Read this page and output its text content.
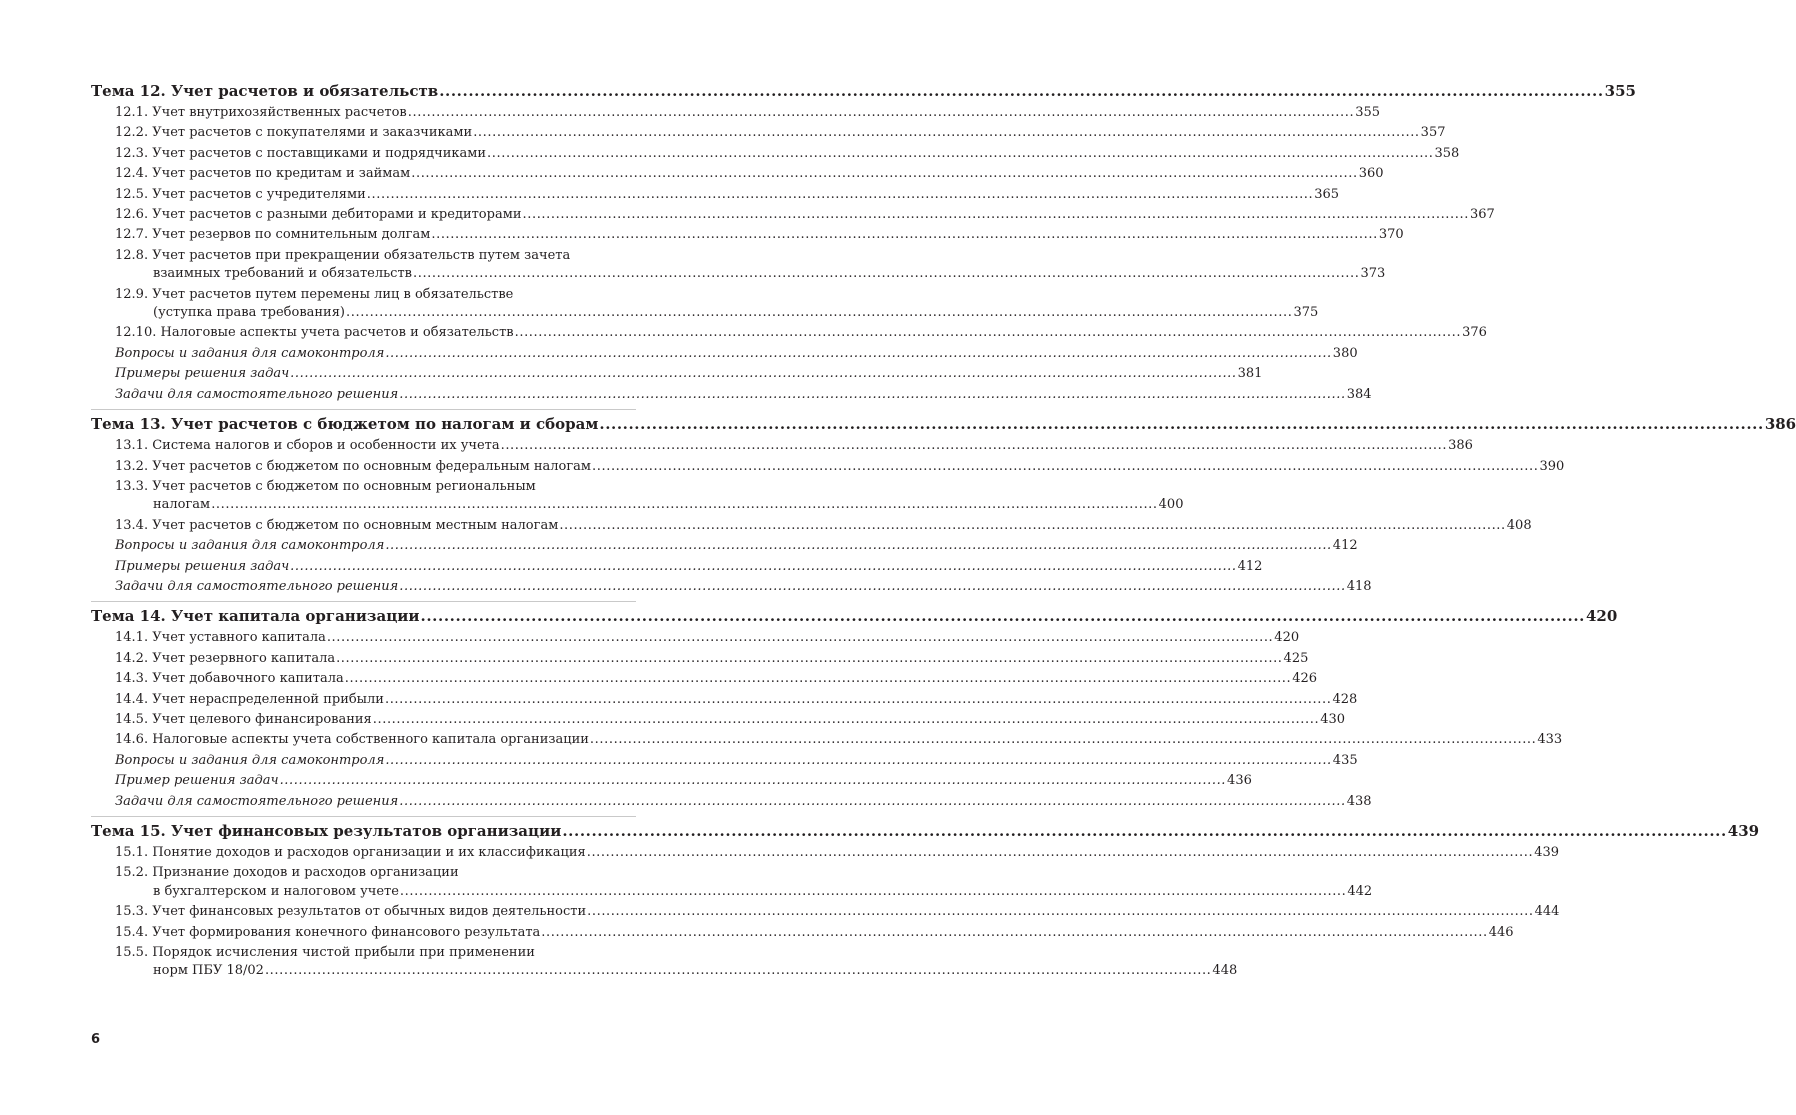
Тема 12. Учет расчетов и обязательств .....	355
12.1. Учет внутрихозяйственных расчетов .....	355
12.2. Учет расчетов с покупателями и заказчиками .....	357
12.3. Учет расчетов с поставщиками и подрядчиками .....	358
12.4. Учет расчетов по кредитам и займам .....	360
12.5. Учет расчетов с учредителями .....	365
12.6. Учет расчетов с разными дебиторами и кредиторами .....	367
12.7. Учет резервов по сомнительным долгам .....	370
12.8. Учет расчетов при прекращении обязательств путем зачета
взаимных требований и обязательств .....	373
12.9. Учет расчетов путем перемены лиц в обязательстве
(уступка права требования) .....	375
12.10. Налоговые аспекты учета расчетов и обязательств .....	376
Вопросы и задания для самоконтроля .....	380
Примеры решения задач .....	381
Задачи для самостоятельного решения .....	384
Тема 13. Учет расчетов с бюджетом по налогам и сборам .....	386
13.1. Система налогов и сборов и особенности их учета .....	386
13.2. Учет расчетов с бюджетом по основным федеральным налогам .....	390
13.3. Учет расчетов с бюджетом по основным региональным
налогам .....	400
13.4. Учет расчетов с бюджетом по основным местным налогам .....	408
Вопросы и задания для самоконтроля .....	412
Примеры решения задач .....	412
Задачи для самостоятельного решения .....	418
Тема 14. Учет капитала организации .....	420
14.1. Учет уставного капитала .....	420
14.2. Учет резервного капитала .....	425
14.3. Учет добавочного капитала .....	426
14.4. Учет нераспределенной прибыли .....	428
14.5. Учет целевого финансирования .....	430
14.6. Налоговые аспекты учета собственного капитала организации .....	433
Вопросы и задания для самоконтроля .....	435
Пример решения задач .....	436
Задачи для самостоятельного решения .....	438
Тема 15. Учет финансовых результатов организации .....	439
15.1. Понятие доходов и расходов организации и их классификация .....	439
15.2. Признание доходов и расходов организации
в бухгалтерском и налоговом учете .....	442
15.3. Учет финансовых результатов от обычных видов деятельности .....	444
15.4. Учет формирования конечного финансового результата .....	446
15.5. Порядок исчисления чистой прибыли при применении
норм ПБУ 18/02 .....	448
6
